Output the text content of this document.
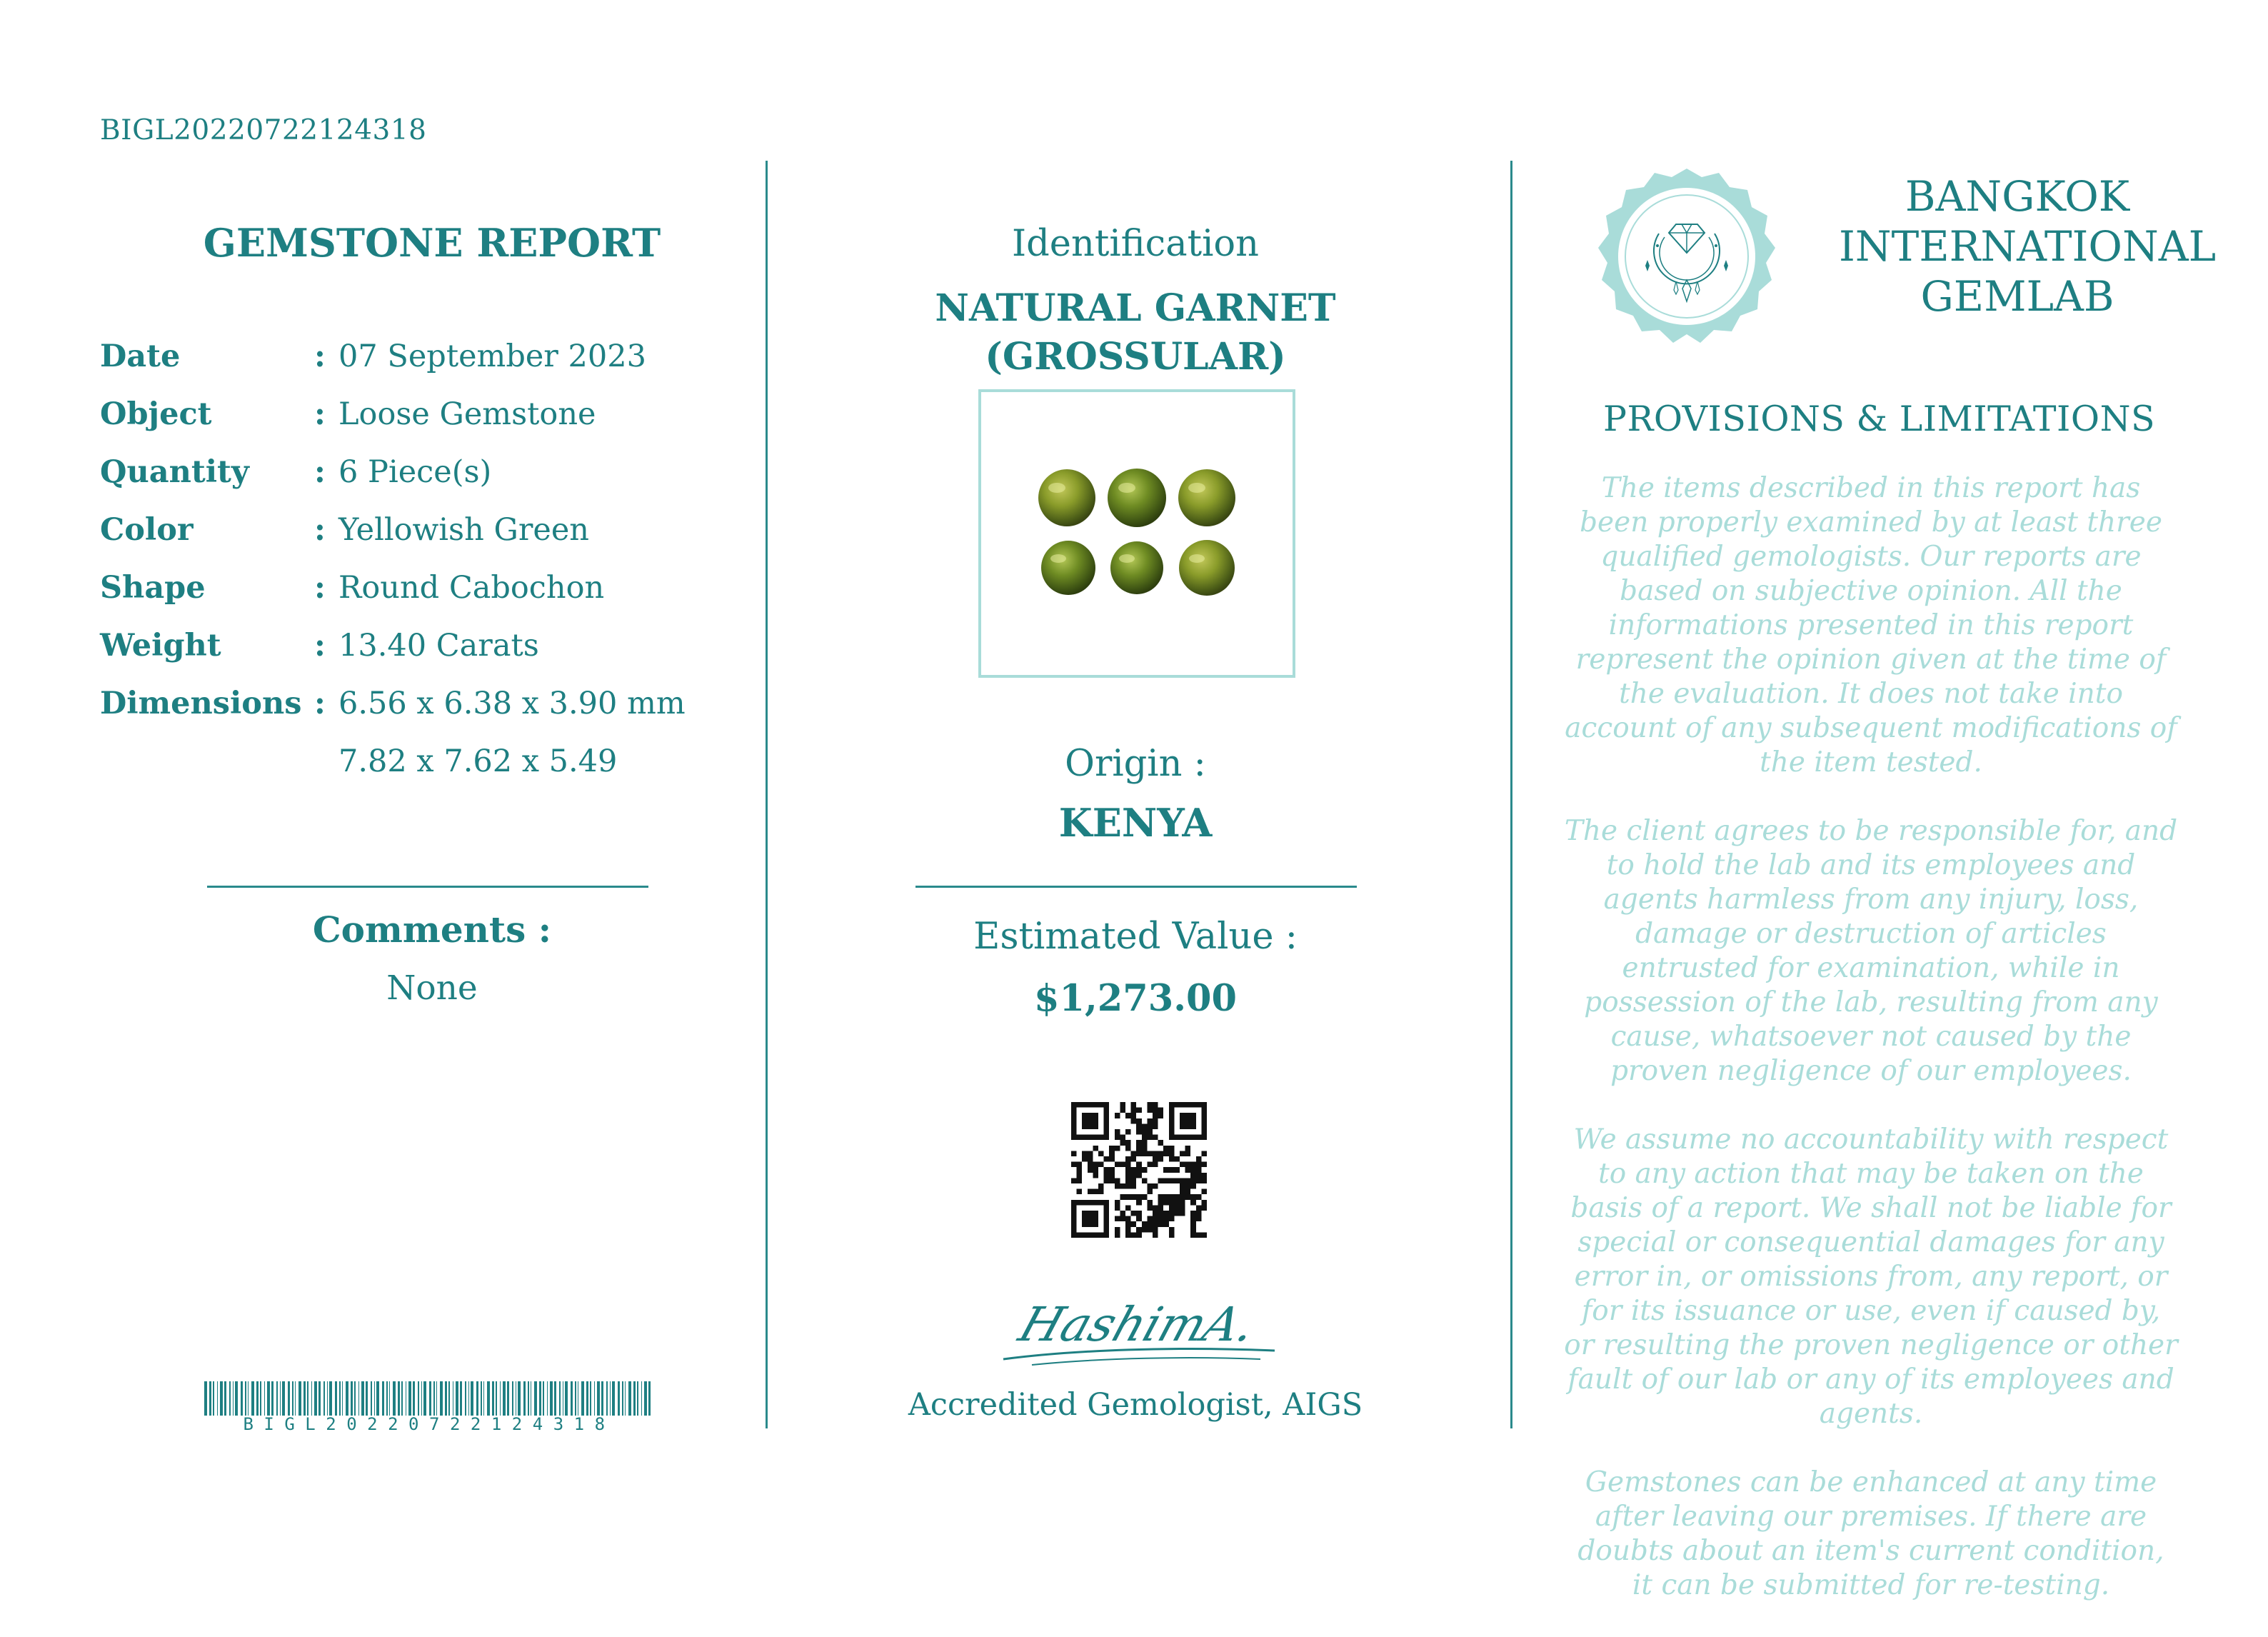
BIGL20220722124318
GEMSTONE REPORT
Date	: 07 September 2023
Object	: Loose Gemstone
Quantity	: 6 Piece(s)
Color	: Yellowish Green
Shape	: Round Cabochon
Weight	: 13.40 Carats
Dimensions : 6.56 x 6.38 x 3.90 mm
7.82 x 7.62 x 5.49
Comments :
None
BIGL20220722124318
Identification
NATURAL GARNET
(GROSSULAR)
Origin :
KENYA
Estimated Value :
$1,273.00
HashimA.
Accredited Gemologist, AIGS
BANGKOK
INTERNATIONAL
GEMLAB
PROVISIONS & LIMITATIONS

The items described in this report has been properly examined by at least three qualified gemologists. Our reports are based on subjective opinion. All the informations presented in this report represent the opinion given at the time of the evaluation. It does not take into account of any subsequent modifications of the item tested.

The client agrees to be responsible for, and to hold the lab and its employees and agents harmless from any injury, loss, damage or destruction of articles entrusted for examination, while in possession of the lab, resulting from any cause, whatsoever not caused by the proven negligence of our employees.

We assume no accountability with respect to any action that may be taken on the basis of a report. We shall not be liable for special or consequential damages for any error in, or omissions from, any report, or for its issuance or use, even if caused by, or resulting the proven negligence or other fault of our lab or any of its employees and agents.

Gemstones can be enhanced at any time after leaving our premises. If there are doubts about an item's current condition, it can be submitted for re-testing.
